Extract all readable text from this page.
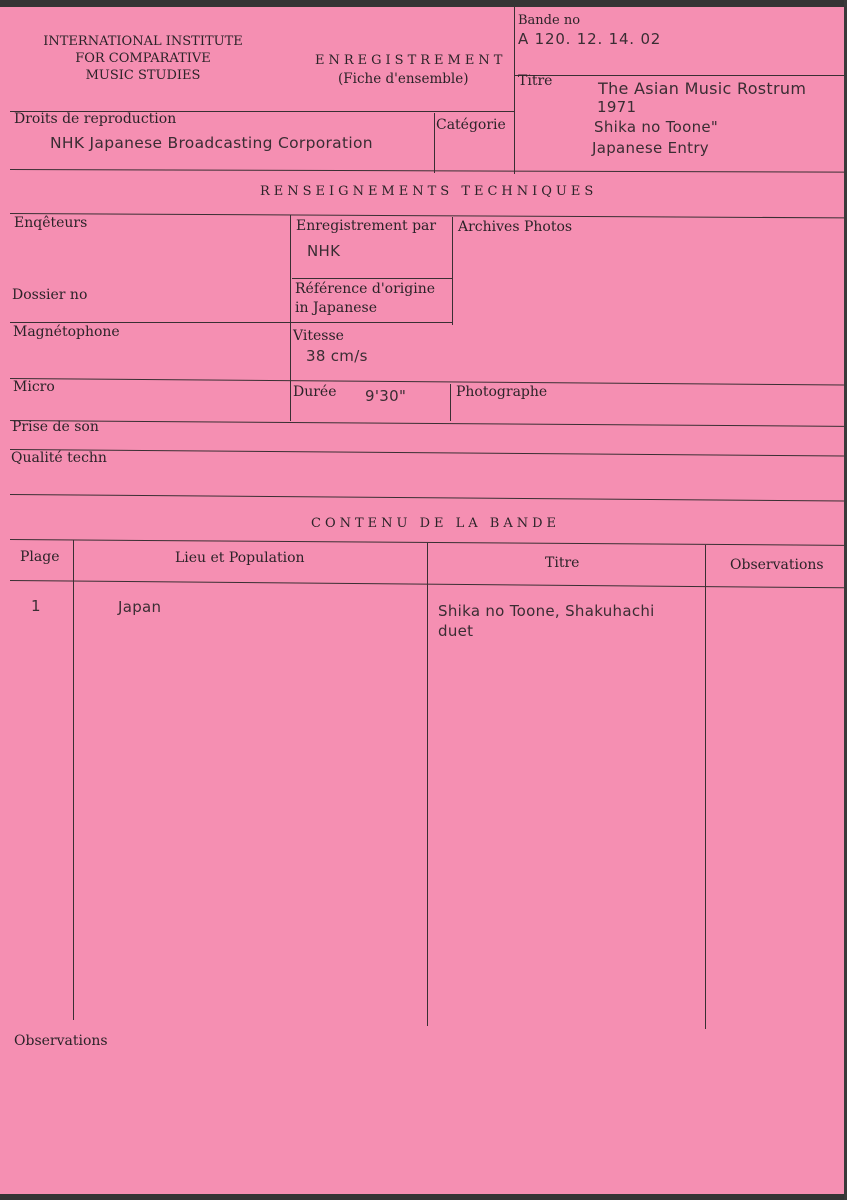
INTERNATIONAL INSTITUTE
FOR COMPARATIVE
MUSIC STUDIES
ENREGISTREMENT
(Fiche d'ensemble)
Bande no
A 120. 12. 14. 02
Titre	The Asian Music Rostrum
1971
Shika no Toone"
Japanese Entry
Droits de reproduction
NHK Japanese Broadcasting Corporation
Catégorie
RENSEIGNEMENTS TECHNIQUES
Enqêteurs	Enregistrement par
NHK
Archives Photos
Dossier no	Référence d'origine
in Japanese
Magnétophone	Vitesse
38 cm/s
Micro	Durée 9'30"	Photographe
Prise de son
Qualité techn
CONTENU DE LA BANDE
Plage	Lieu et Population	Titre	Observations
1	Japan	Shika no Toone, Shakuhachi
duet
Observations
